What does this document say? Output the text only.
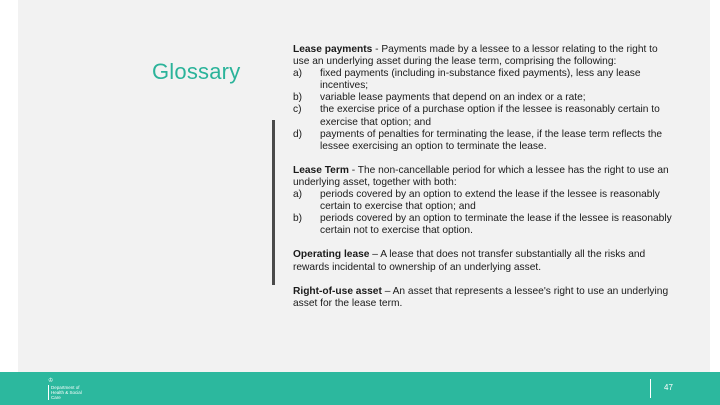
Glossary
Lease payments - Payments made by a lessee to a lessor relating to the right to use an underlying asset during the lease term, comprising the following:
a)	fixed payments (including in-substance fixed payments), less any lease incentives;
b)	variable lease payments that depend on an index or a rate;
c)	the exercise price of a purchase option if the lessee is reasonably certain to exercise that option; and
d)	payments of penalties for terminating the lease, if the lease term reflects the lessee exercising an option to terminate the lease.
Lease Term - The non-cancellable period for which a lessee has the right to use an underlying asset, together with both:
a)	periods covered by an option to extend the lease if the lessee is reasonably certain to exercise that option; and
b)	periods covered by an option to terminate the lease if the lessee is reasonably certain not to exercise that option.
Operating lease – A lease that does not transfer substantially all the risks and rewards incidental to ownership of an underlying asset.
Right-of-use asset – An asset that represents a lessee's right to use an underlying asset for the lease term.
♔
Department of Health & Social Care
47
